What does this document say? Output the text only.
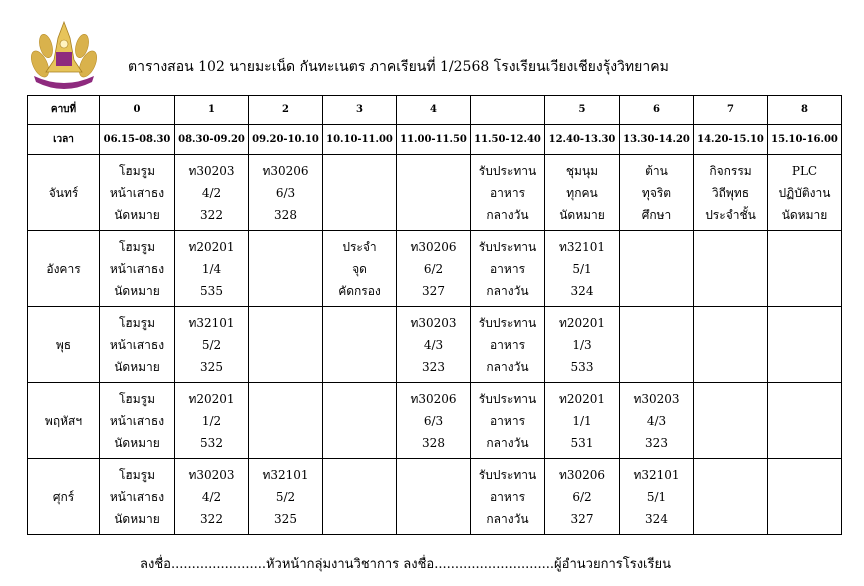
ตารางสอน 102 นายมะเน็ด กันทะเนตร ภาคเรียนที่ 1/2568 โรงเรียนเวียงเชียงรุ้งวิทยาคม
คาบที่	0	1	2	3	4		5	6	7	8
เวลา	06.15-08.30	08.30-09.20	09.20-10.10	10.10-11.00	11.00-11.50	11.50-12.40	12.40-13.30	13.30-14.20	14.20-15.10	15.10-16.00
จันทร์	โฮมรูม
หน้าเสาธง
นัดหมาย	ท30203
4/2
322	ท30206
6/3
328			รับประทาน
อาหาร
กลางวัน	ชุมนุม
ทุกคน
นัดหมาย	ต้าน
ทุจริต
ศึกษา	กิจกรรม
วิถีพุทธ
ประจำชั้น	PLC
ปฏิบัติงาน
นัดหมาย

อังคาร	โฮมรูม
หน้าเสาธง
นัดหมาย	ท20201
1/4
535		ประจำ
จุด
คัดกรอง	ท30206
6/2
327	รับประทาน
อาหาร
กลางวัน	ท32101
5/1
324			

พุธ	โฮมรูม
หน้าเสาธง
นัดหมาย	ท32101
5/2
325			ท30203
4/3
323	รับประทาน
อาหาร
กลางวัน	ท20201
1/3
533			

พฤหัสฯ	โฮมรูม
หน้าเสาธง
นัดหมาย	ท20201
1/2
532			ท30206
6/3
328	รับประทาน
อาหาร
กลางวัน	ท20201
1/1
531	ท30203
4/3
323		

ศุกร์	โฮมรูม
หน้าเสาธง
นัดหมาย	ท30203
4/2
322	ท32101
5/2
325			รับประทาน
อาหาร
กลางวัน	ท30206
6/2
327	ท32101
5/1
324		

ลงชื่อ.......................หัวหน้ากลุ่มงานวิชาการ ลงชื่อ.............................ผู้อำนวยการโรงเรียน
